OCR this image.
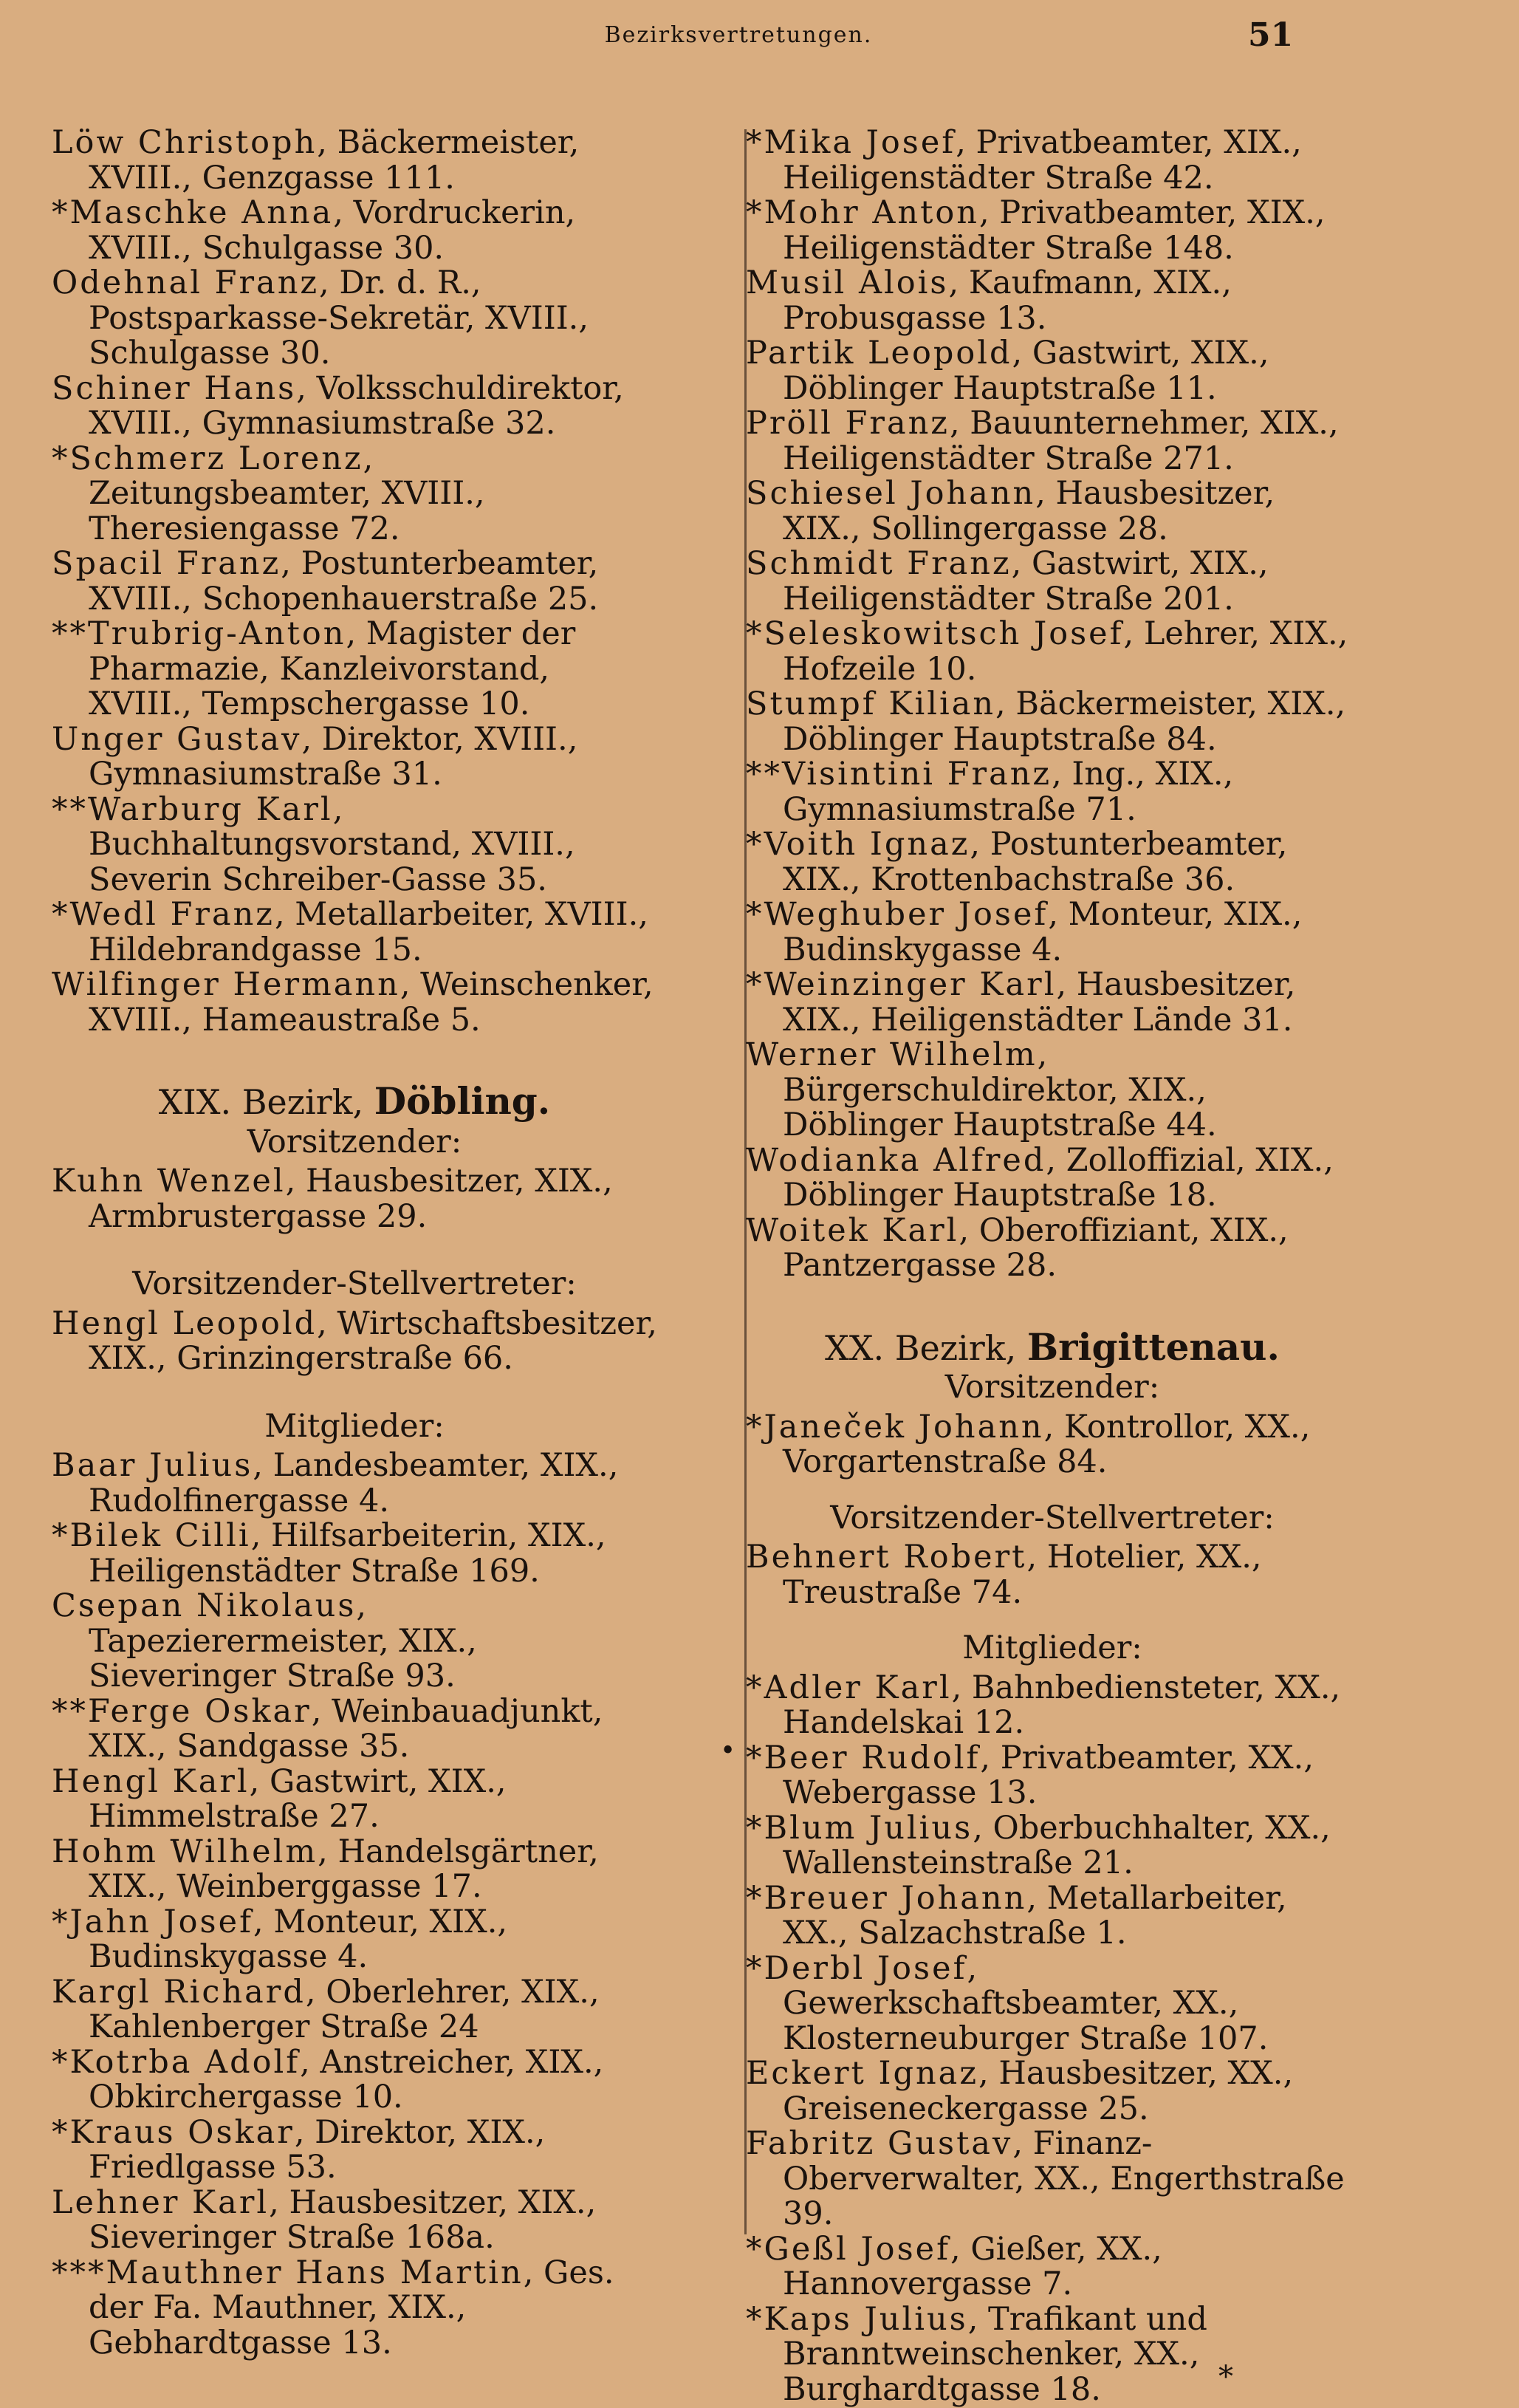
Bezirksvertretungen.	51

Löw Christoph, Bäckermeister, XVIII., Genzgasse 111.

*Maschke Anna, Vordruckerin, XVIII., Schulgasse 30.

Odehnal Franz, Dr. d. R., Postsparkasse-Sekretär, XVIII., Schulgasse 30.

Schiner Hans, Volksschuldirektor, XVIII., Gymnasiumstraße 32.

*Schmerz Lorenz, Zeitungsbeamter, XVIII., Theresiengasse 72.

Spacil Franz, Postunterbeamter, XVIII., Schopenhauerstraße 25.

**Trubrig-Anton, Magister der Pharmazie, Kanzleivorstand, XVIII., Tempschergasse 10.

Unger Gustav, Direktor, XVIII., Gymnasiumstraße 31.

**Warburg Karl, Buchhaltungsvorstand, XVIII., Severin Schreiber-Gasse 35.

*Wedl Franz, Metallarbeiter, XVIII., Hildebrandgasse 15.

Wilfinger Hermann, Weinschenker, XVIII., Hameaustraße 5.

XIX. Bezirk, Döbling.
Vorsitzender:

Kuhn Wenzel, Hausbesitzer, XIX., Armbrustergasse 29.

Vorsitzender-Stellvertreter:

Hengl Leopold, Wirtschaftsbesitzer, XIX., Grinzingerstraße 66.

Mitglieder:

Baar Julius, Landesbeamter, XIX., Rudolfinergasse 4.

*Bilek Cilli, Hilfsarbeiterin, XIX., Heiligenstädter Straße 169.

Csepan Nikolaus, Tapezierermeister, XIX., Sieveringer Straße 93.

**Ferge Oskar, Weinbauadjunkt, XIX., Sandgasse 35.

Hengl Karl, Gastwirt, XIX., Himmelstraße 27.

Hohm Wilhelm, Handelsgärtner, XIX., Weinberggasse 17.

*Jahn Josef, Monteur, XIX., Budinskygasse 4.

Kargl Richard, Oberlehrer, XIX., Kahlenberger Straße 24

*Kotrba Adolf, Anstreicher, XIX., Obkirchergasse 10.

*Kraus Oskar, Direktor, XIX., Friedlgasse 53.

Lehner Karl, Hausbesitzer, XIX., Sieveringer Straße 168a.

***Mauthner Hans Martin, Ges. der Fa. Mauthner, XIX., Gebhardtgasse 13.

*Mika Josef, Privatbeamter, XIX., Heiligenstädter Straße 42.

*Mohr Anton, Privatbeamter, XIX., Heiligenstädter Straße 148.

Musil Alois, Kaufmann, XIX., Probusgasse 13.

Partik Leopold, Gastwirt, XIX., Döblinger Hauptstraße 11.

Pröll Franz, Bauunternehmer, XIX., Heiligenstädter Straße 271.

Schiesel Johann, Hausbesitzer, XIX., Sollingergasse 28.

Schmidt Franz, Gastwirt, XIX., Heiligenstädter Straße 201.

*Seleskowitsch Josef, Lehrer, XIX., Hofzeile 10.

Stumpf Kilian, Bäckermeister, XIX., Döblinger Hauptstraße 84.

**Visintini Franz, Ing., XIX., Gymnasiumstraße 71.

*Voith Ignaz, Postunterbeamter, XIX., Krottenbachstraße 36.

*Weghuber Josef, Monteur, XIX., Budinskygasse 4.

*Weinzinger Karl, Hausbesitzer, XIX., Heiligenstädter Lände 31.

Werner Wilhelm, Bürgerschuldirektor, XIX., Döblinger Hauptstraße 44.

Wodianka Alfred, Zolloffizial, XIX., Döblinger Hauptstraße 18.

Woitek Karl, Oberoffiziant, XIX., Pantzergasse 28.

XX. Bezirk, Brigittenau.
Vorsitzender:

*Janeček Johann, Kontrollor, XX., Vorgartenstraße 84.

Vorsitzender-Stellvertreter:

Behnert Robert, Hotelier, XX., Treustraße 74.

Mitglieder:

*Adler Karl, Bahnbediensteter, XX., Handelskai 12.

*Beer Rudolf, Privatbeamter, XX., Webergasse 13.

*Blum Julius, Oberbuchhalter, XX., Wallensteinstraße 21.

*Breuer Johann, Metallarbeiter, XX., Salzachstraße 1.

*Derbl Josef, Gewerkschaftsbeamter, XX., Klosterneuburger Straße 107.

Eckert Ignaz, Hausbesitzer, XX., Greiseneckergasse 25.

Fabritz Gustav, Finanz-Oberverwalter, XX., Engerthstraße 39.

*Geßl Josef, Gießer, XX., Hannovergasse 7.

*Kaps Julius, Trafikant und Branntweinschenker, XX., Burghardtgasse 18.

•
*
